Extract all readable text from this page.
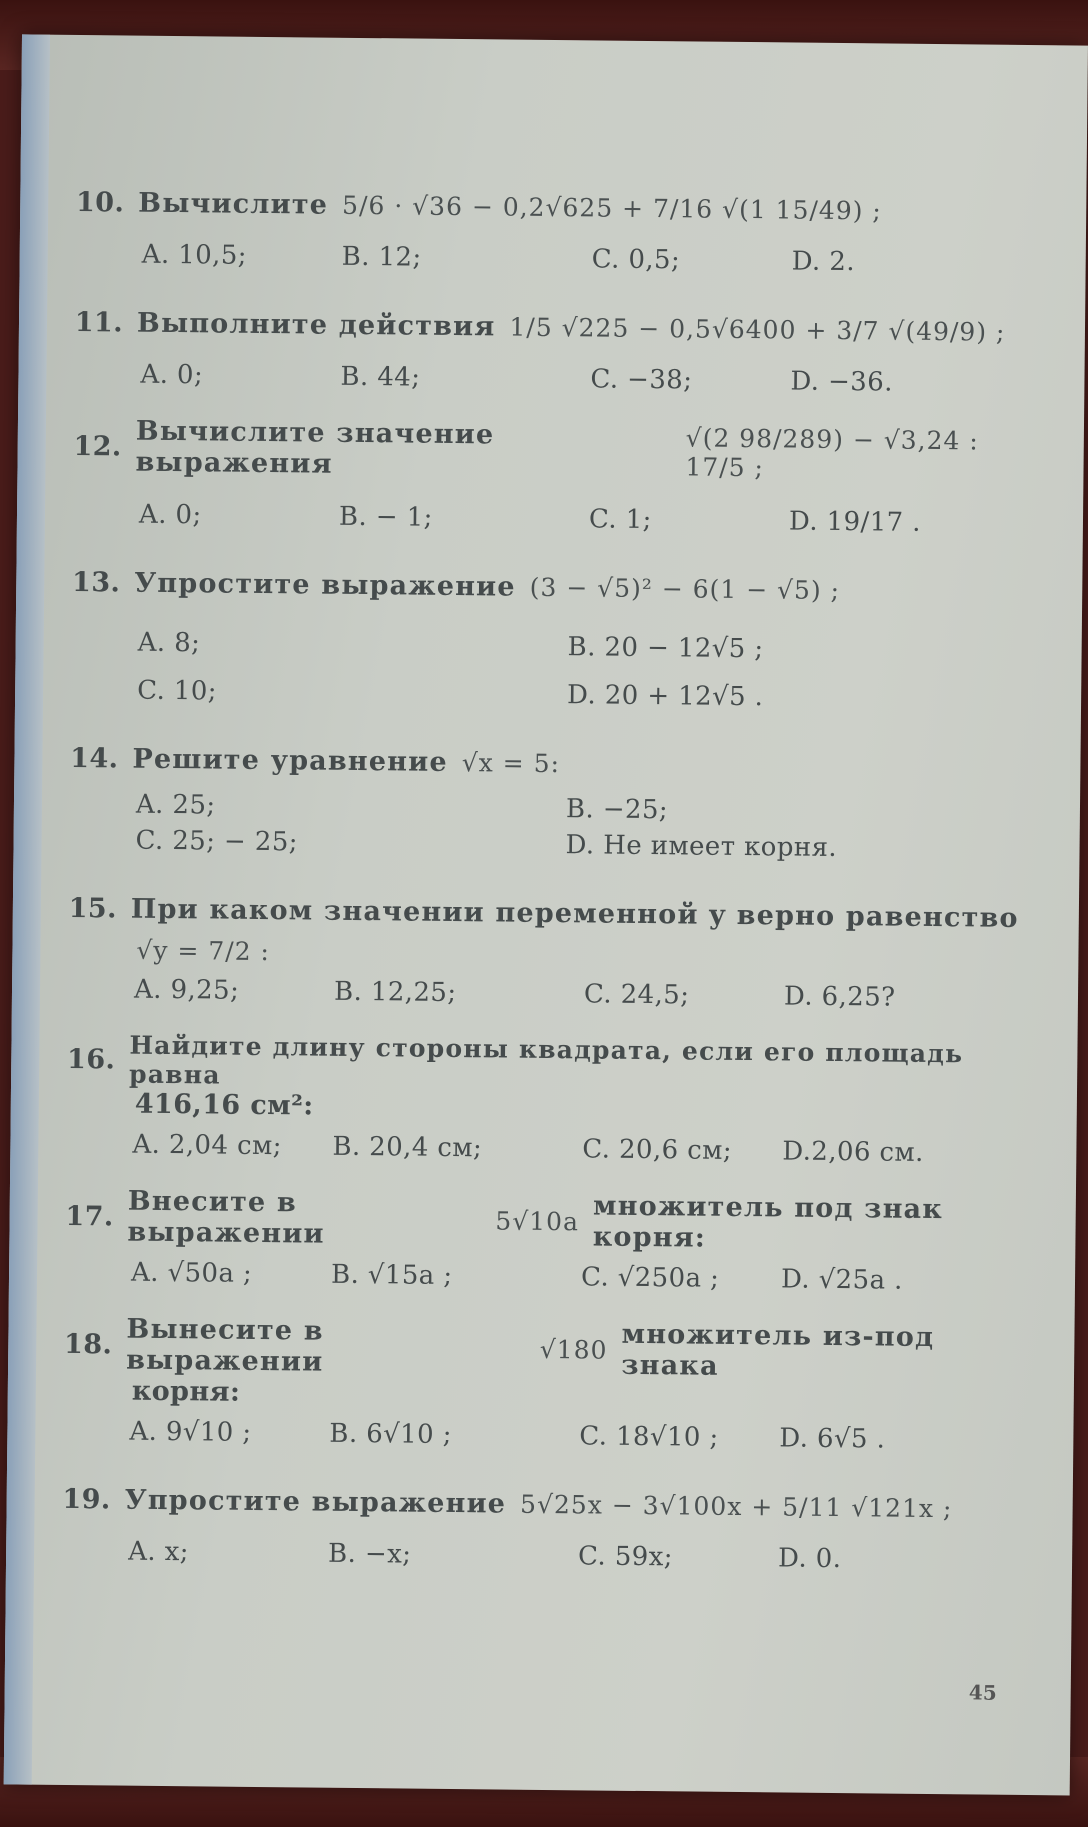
10. Вычислите 5/6 · √36 − 0,2√625 + 7/16 √(1 15/49) ;
A. 10,5;	B. 12;	C. 0,5;	D. 2.
11. Выполните действия 1/5 √225 − 0,5√6400 + 3/7 √(49/9) ;
A. 0;	B. 44;	C. −38;	D. −36.
12. Вычислите значение выражения
√(2 98/289) − √3,24 : 17/5 ;
A. 0;	B. − 1;	C. 1;	D. 19/17 .
13. Упростите выражение (3 − √5)² − 6(1 − √5) ;
A. 8;	B. 20 − 12√5 ;
C. 10;	D. 20 + 12√5 .
14. Решите уравнение √x = 5:
A. 25;	B. −25;
C. 25; − 25;	D. Не имеет корня.
15. При каком значении переменной y верно равенство
√y = 7/2 :
A. 9,25;	B. 12,25;	C. 24,5;	D. 6,25?
16. Найдите длину стороны квадрата, если его площадь равна
416,16 см²:
A. 2,04 см;	B. 20,4 см;	C. 20,6 см;	D.2,06 см.
17. Внесите в выражении	5√10a множитель под знак корня:
A. √50a ;	B. √15a ;	C. √250a ;	D. √25a .
18. Вынесите в выражении	√180 множитель из-под знака
корня:
A. 9√10 ;	B. 6√10 ;	C. 18√10 ;	D. 6√5 .
19. Упростите выражение 5√25x − 3√100x + 5/11 √121x ;
A. x;	B. −x;	C. 59x;	D. 0.
45
